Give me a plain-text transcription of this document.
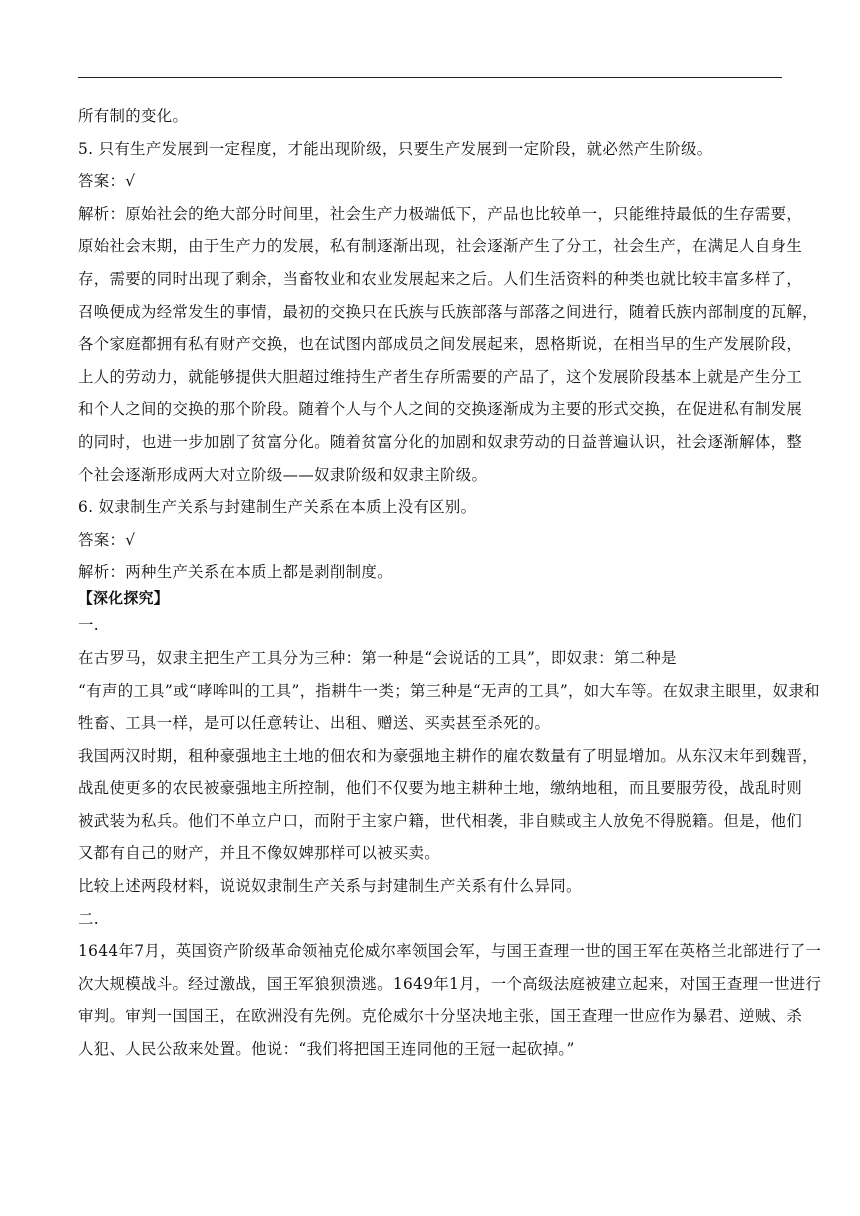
所有制的变化。

5. 只有生产发展到一定程度，才能出现阶级，只要生产发展到一定阶段，就必然产生阶级。

答案：√

解析：原始社会的绝大部分时间里，社会生产力极端低下，产品也比较单一，只能维持最低的生存需要，

原始社会末期，由于生产力的发展，私有制逐渐出现，社会逐渐产生了分工，社会生产，在满足人自身生

存，需要的同时出现了剩余，当畜牧业和农业发展起来之后。人们生活资料的种类也就比较丰富多样了，

召唤便成为经常发生的事情，最初的交换只在氏族与氏族部落与部落之间进行，随着氏族内部制度的瓦解，

各个家庭都拥有私有财产交换，也在试图内部成员之间发展起来，恩格斯说，在相当早的生产发展阶段，

上人的劳动力，就能够提供大胆超过维持生产者生存所需要的产品了，这个发展阶段基本上就是产生分工

和个人之间的交换的那个阶段。随着个人与个人之间的交换逐渐成为主要的形式交换，在促进私有制发展

的同时，也进一步加剧了贫富分化。随着贫富分化的加剧和奴隶劳动的日益普遍认识，社会逐渐解体，整

个社会逐渐形成两大对立阶级——奴隶阶级和奴隶主阶级。

6. 奴隶制生产关系与封建制生产关系在本质上没有区别。

答案：√

解析：两种生产关系在本质上都是剥削制度。

【深化探究】

一.

在古罗马，奴隶主把生产工具分为三种：第一种是“会说话的工具”，即奴隶：第二种是

“有声的工具”或“哮哞叫的工具”，指耕牛一类；第三种是“无声的工具”，如大车等。在奴隶主眼里，奴隶和

牲畜、工具一样，是可以任意转让、出租、赠送、买卖甚至杀死的。

我国两汉时期，租种豪强地主土地的佃农和为豪强地主耕作的雇农数量有了明显增加。从东汉末年到魏晋，

战乱使更多的农民被豪强地主所控制，他们不仅要为地主耕种土地，缴纳地租，而且要服劳役，战乱时则

被武装为私兵。他们不单立户口，而附于主家户籍，世代相袭，非自赎或主人放免不得脱籍。但是，他们

又都有自己的财产，并且不像奴婢那样可以被买卖。

比较上述两段材料，说说奴隶制生产关系与封建制生产关系有什么异同。

二.

1644年7月，英国资产阶级革命领袖克伦威尔率领国会军，与国王查理一世的国王军在英格兰北部进行了一

次大规模战斗。经过激战，国王军狼狈溃逃。1649年1月，一个高级法庭被建立起来，对国王查理一世进行

审判。审判一国国王，在欧洲没有先例。克伦威尔十分坚决地主张，国王查理一世应作为暴君、逆贼、杀

人犯、人民公敌来处置。他说：“我们将把国王连同他的王冠一起砍掉。”
